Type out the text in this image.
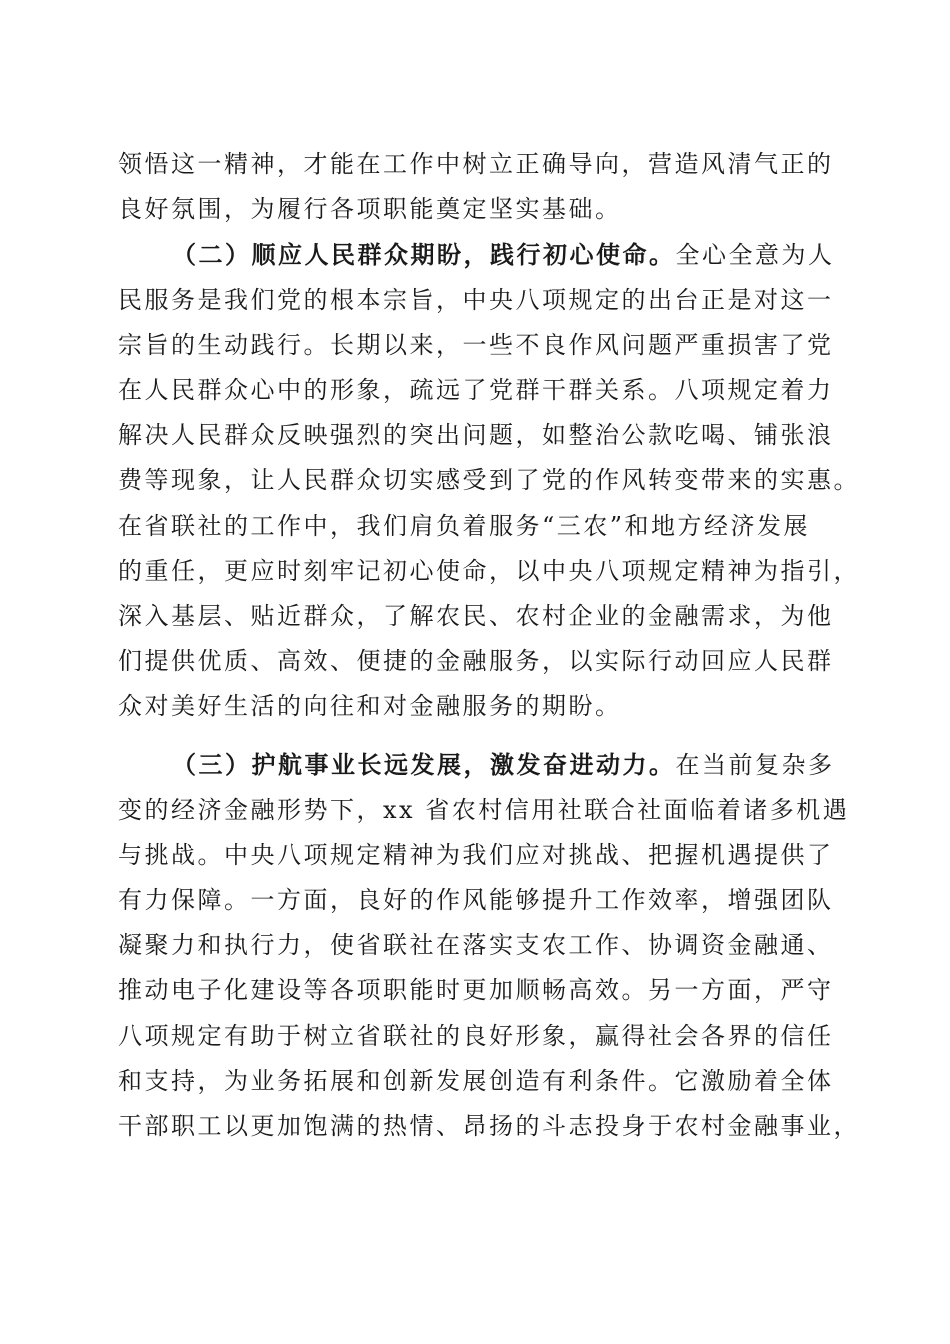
领悟这一精神，才能在工作中树立正确导向，营造风清气正的
良好氛围，为履行各项职能奠定坚实基础。
（二）顺应人民群众期盼，践行初心使命。全心全意为人
民服务是我们党的根本宗旨，中央八项规定的出台正是对这一
宗旨的生动践行。长期以来，一些不良作风问题严重损害了党
在人民群众心中的形象，疏远了党群干群关系。八项规定着力
解决人民群众反映强烈的突出问题，如整治公款吃喝、铺张浪
费等现象，让人民群众切实感受到了党的作风转变带来的实惠。
在省联社的工作中，我们肩负着服务“三农”和地方经济发展
的重任，更应时刻牢记初心使命，以中央八项规定精神为指引，
深入基层、贴近群众，了解农民、农村企业的金融需求，为他
们提供优质、高效、便捷的金融服务，以实际行动回应人民群
众对美好生活的向往和对金融服务的期盼。
（三）护航事业长远发展，激发奋进动力。在当前复杂多
变的经济金融形势下，xx 省农村信用社联合社面临着诸多机遇
与挑战。中央八项规定精神为我们应对挑战、把握机遇提供了
有力保障。一方面，良好的作风能够提升工作效率，增强团队
凝聚力和执行力，使省联社在落实支农工作、协调资金融通、
推动电子化建设等各项职能时更加顺畅高效。另一方面，严守
八项规定有助于树立省联社的良好形象，赢得社会各界的信任
和支持，为业务拓展和创新发展创造有利条件。它激励着全体
干部职工以更加饱满的热情、昂扬的斗志投身于农村金融事业，
